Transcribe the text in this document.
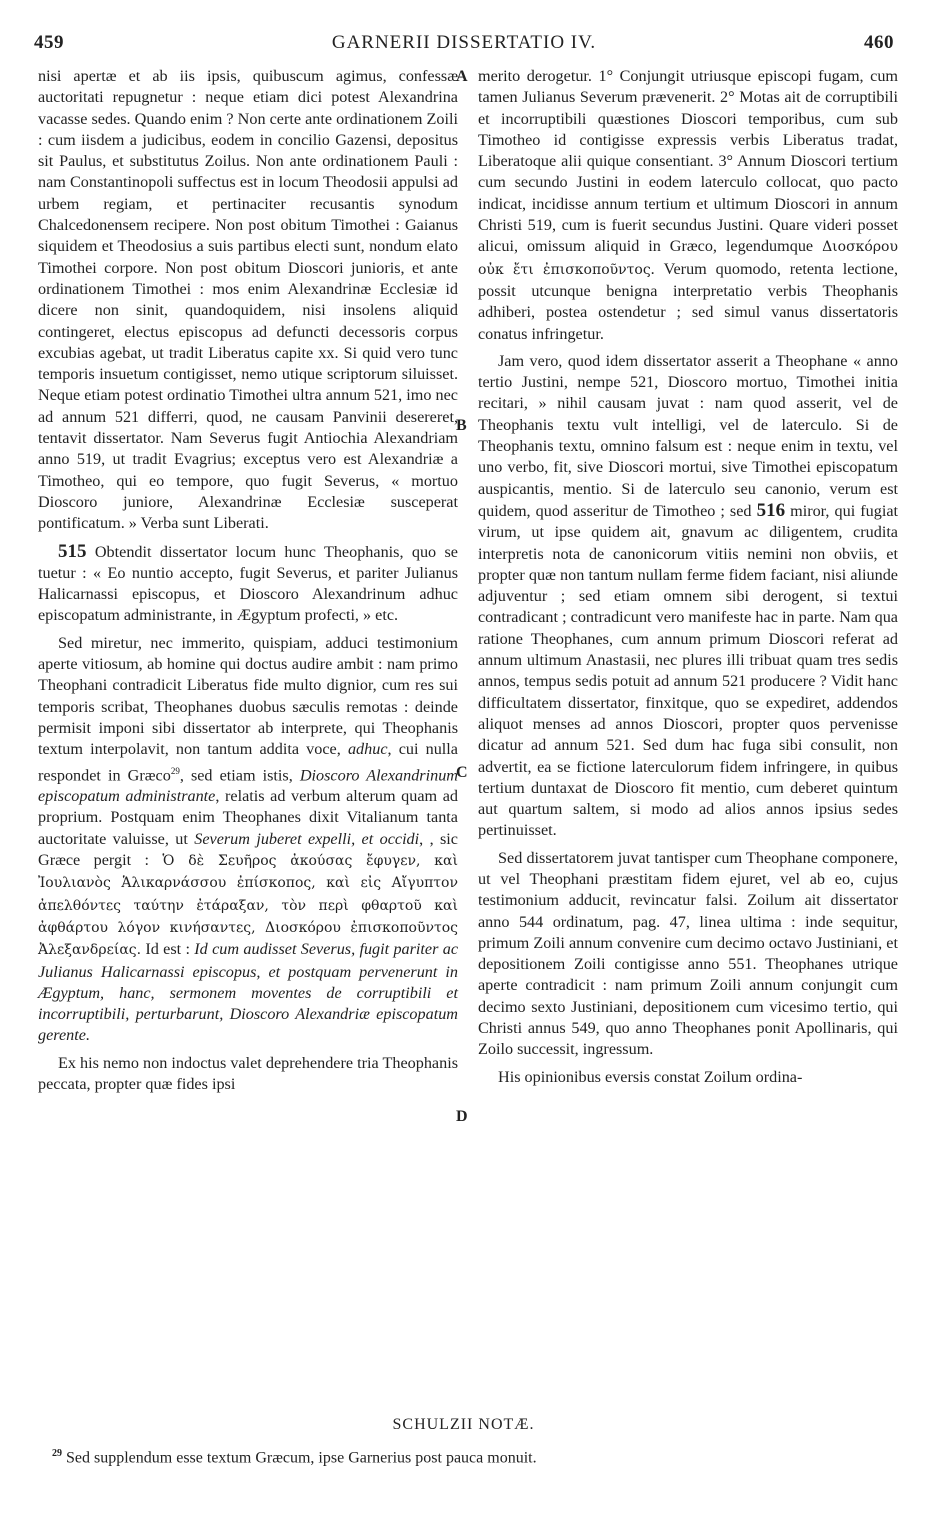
459	GARNERII DISSERTATIO IV.	460
A
B
C
D

nisi apertæ et ab iis ipsis, quibuscum agimus, confessæ auctoritati repugnetur : neque etiam dici potest Alexandrina vacasse sedes. Quando enim ? Non certe ante ordinationem Zoili : cum iisdem a judicibus, eodem in concilio Gazensi, depositus sit Paulus, et substitutus Zoilus. Non ante ordinationem Pauli : nam Constantinopoli suffectus est in locum Theodosii appulsi ad urbem regiam, et pertinaciter recusantis synodum Chalcedonensem recipere. Non post obitum Timothei : Gaianus siquidem et Theodosius a suis partibus electi sunt, nondum elato Timothei corpore. Non post obitum Dioscori junioris, et ante ordinationem Timothei : mos enim Alexandrinæ Ecclesiæ id dicere non sinit, quandoquidem, nisi insolens aliquid contingeret, electus episcopus ad defuncti decessoris corpus excubias agebat, ut tradit Liberatus capite xx. Si quid vero tunc temporis insuetum contigisset, nemo utique scriptorum siluisset. Neque etiam potest ordinatio Timothei ultra annum 521, imo nec ad annum 521 differri, quod, ne causam Panvinii desereret, tentavit dissertator. Nam Severus fugit Antiochia Alexandriam anno 519, ut tradit Evagrius; exceptus vero est Alexandriæ a Timotheo, qui eo tempore, quo fugit Severus, « mortuo Dioscoro juniore, Alexandrinæ Ecclesiæ susceperat pontificatum. » Verba sunt Liberati.

515 Obtendit dissertator locum hunc Theophanis, quo se tuetur : « Eo nuntio accepto, fugit Severus, et pariter Julianus Halicarnassi episcopus, et Dioscoro Alexandrinum adhuc episcopatum administrante, in Ægyptum profecti, » etc.

Sed miretur, nec immerito, quispiam, adduci testimonium aperte vitiosum, ab homine qui doctus audire ambit : nam primo Theophani contradicit Liberatus fide multo dignior, cum res sui temporis scribat, Theophanes duobus sæculis remotas : deinde permisit imponi sibi dissertator ab interprete, qui Theophanis textum interpolavit, non tantum addita voce, adhuc, cui nulla respondet in Græco$^{29}$, sed etiam istis, Dioscoro Alexandrinum episcopatum administrante, relatis ad verbum alterum quam ad proprium. Postquam enim Theophanes dixit Vitalianum tanta auctoritate valuisse, ut Severum juberet expelli, et occidi, , sic Græce pergit : Ὁ δὲ Σευῆρος ἀκούσας ἔφυγεν, καὶ Ἰουλιανὸς Ἁλικαρνάσσου ἐπίσκοπος, καὶ εἰς Αἴγυπτον ἀπελθόντες ταύτην ἐτάραξαν, τὸν περὶ φθαρτοῦ καὶ ἀφθάρτου λόγον κινήσαντες, Διοσκόρου ἐπισκοποῦντος Ἀλεξανδρείας. Id est : Id cum audisset Severus, fugit pariter ac Julianus Halicarnassi episcopus, et postquam pervenerunt in Ægyptum, hanc, sermonem moventes de corruptibili et incorruptibili, perturbarunt, Dioscoro Alexandriæ episcopatum gerente.

Ex his nemo non indoctus valet deprehendere tria Theophanis peccata, propter quæ fides ipsi

merito derogetur. 1° Conjungit utriusque episcopi fugam, cum tamen Julianus Severum prævenerit. 2° Motas ait de corruptibili et incorruptibili quæstiones Dioscori temporibus, cum sub Timotheo id contigisse expressis verbis Liberatus tradat, Liberatoque alii quique consentiant. 3° Annum Dioscori tertium cum secundo Justini in eodem laterculo collocat, quo pacto indicat, incidisse annum tertium et ultimum Dioscori in annum Christi 519, cum is fuerit secundus Justini. Quare videri posset alicui, omissum aliquid in Græco, legendumque Διοσκόρου οὐκ ἔτι ἐπισκοποῦντος. Verum quomodo, retenta lectione, possit utcunque benigna interpretatio verbis Theophanis adhiberi, postea ostendetur ; sed simul vanus dissertatoris conatus infringetur.

Jam vero, quod idem dissertator asserit a Theophane « anno tertio Justini, nempe 521, Dioscoro mortuo, Timothei initia recitari, » nihil causam juvat : nam quod asserit, vel de Theophanis textu vult intelligi, vel de laterculo. Si de Theophanis textu, omnino falsum est : neque enim in textu, vel uno verbo, fit, sive Dioscori mortui, sive Timothei episcopatum auspicantis, mentio. Si de laterculo seu canonio, verum est quidem, quod asseritur de Timotheo ; sed 516 miror, qui fugiat virum, ut ipse quidem ait, gnavum ac diligentem, crudita interpretis nota de canonicorum vitiis nemini non obviis, et propter quæ non tantum nullam ferme fidem faciant, nisi aliunde adjuventur ; sed etiam omnem sibi derogent, si textui contradicant ; contradicunt vero manifeste hac in parte. Nam qua ratione Theophanes, cum annum primum Dioscori referat ad annum ultimum Anastasii, nec plures illi tribuat quam tres sedis annos, tempus sedis potuit ad annum 521 producere ? Vidit hanc difficultatem dissertator, finxitque, quo se expediret, addendos aliquot menses ad annos Dioscori, propter quos pervenisse dicatur ad annum 521. Sed dum hac fuga sibi consulit, non advertit, ea se fictione laterculorum fidem infringere, in quibus tertium duntaxat de Dioscoro fit mentio, cum deberet quintum aut quartum saltem, si modo ad alios annos ipsius sedes pertinuisset.

Sed dissertatorem juvat tantisper cum Theophane componere, ut vel Theophani præstitam fidem ejuret, vel ab eo, cujus testimonium adducit, revincatur falsi. Zoilum ait dissertator anno 544 ordinatum, pag. 47, linea ultima : inde sequitur, primum Zoili annum convenire cum decimo octavo Justiniani, et depositionem Zoili contigisse anno 551. Theophanes utrique aperte contradicit : nam primum Zoili annum conjungit cum decimo sexto Justiniani, depositionem cum vicesimo tertio, qui Christi annus 549, quo anno Theophanes ponit Apollinaris, qui Zoilo successit, ingressum.

His opinionibus eversis constat Zoilum ordina-

SCHULZII NOTÆ.
$^{29}$ Sed supplendum esse textum Græcum, ipse Garnerius post pauca monuit.
